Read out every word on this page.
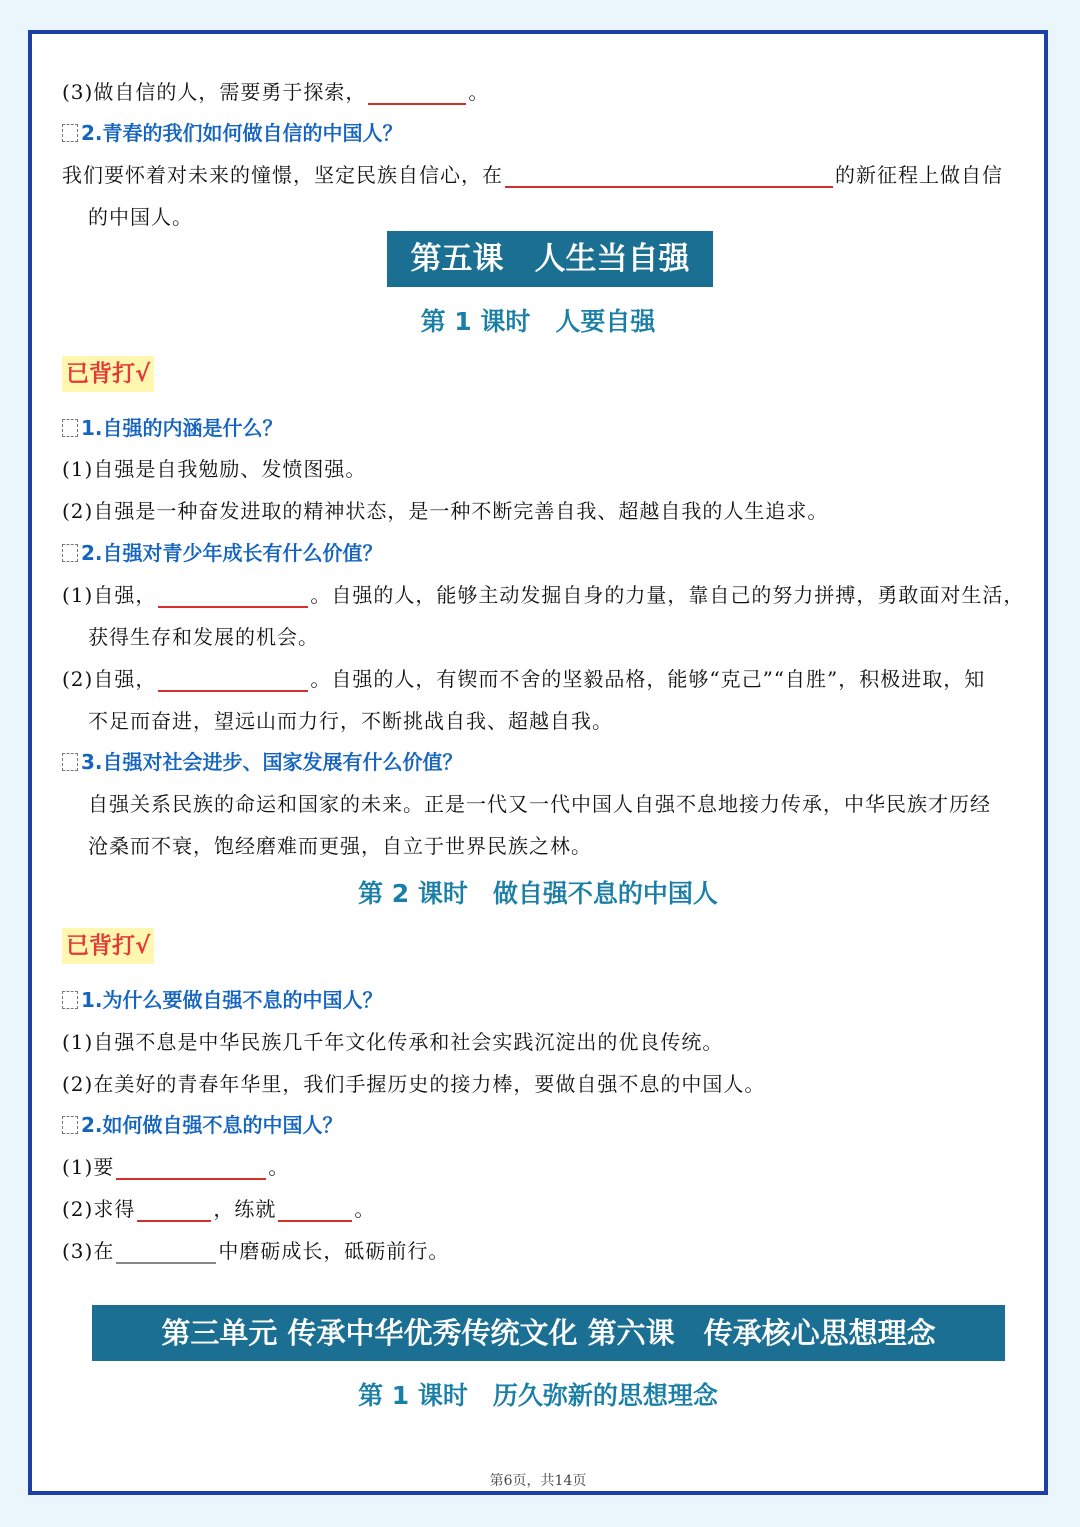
(3)做自信的人，需要勇于探索，	。
2.青春的我们如何做自信的中国人？
我们要怀着对未来的憧憬，坚定民族自信心，在	的新征程上做自信
的中国人。
第五课　人生当自强
第 1 课时　人要自强
已背打√
1.自强的内涵是什么？
(1)自强是自我勉励、发愤图强。
(2)自强是一种奋发进取的精神状态，是一种不断完善自我、超越自我的人生追求。
2.自强对青少年成长有什么价值？
(1)自强，	。自强的人，能够主动发掘自身的力量，靠自己的努力拼搏，勇敢面对生活，
获得生存和发展的机会。
(2)自强，	。自强的人，有锲而不舍的坚毅品格，能够“克己”“自胜”，积极进取，知
不足而奋进，望远山而力行，不断挑战自我、超越自我。
3.自强对社会进步、国家发展有什么价值？
自强关系民族的命运和国家的未来。正是一代又一代中国人自强不息地接力传承，中华民族才历经
沧桑而不衰，饱经磨难而更强，自立于世界民族之林。
第 2 课时　做自强不息的中国人
已背打√
1.为什么要做自强不息的中国人？
(1)自强不息是中华民族几千年文化传承和社会实践沉淀出的优良传统。
(2)在美好的青春年华里，我们手握历史的接力棒，要做自强不息的中国人。
2.如何做自强不息的中国人？
(1)要	。
(2)求得	，练就	。
(3)在	中磨砺成长，砥砺前行。
第三单元 传承中华优秀传统文化 第六课　传承核心思想理念
第 1 课时　历久弥新的思想理念
第6页，共14页
